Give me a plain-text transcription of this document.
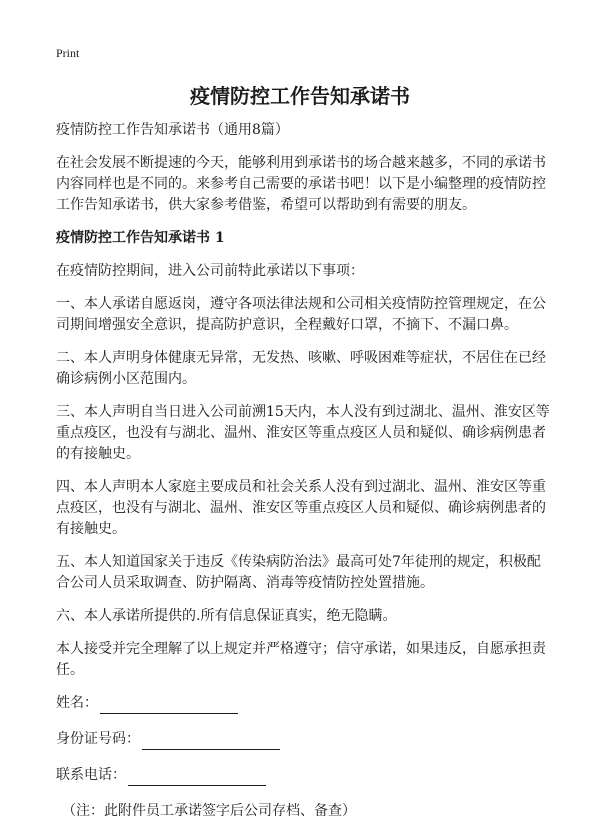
Print
疫情防控工作告知承诺书

疫情防控工作告知承诺书（通用8篇）

在社会发展不断提速的今天，能够利用到承诺书的场合越来越多，不同的承诺书内容同样也是不同的。来参考自己需要的承诺书吧！以下是小编整理的疫情防控工作告知承诺书，供大家参考借鉴，希望可以帮助到有需要的朋友。

疫情防控工作告知承诺书 1

在疫情防控期间，进入公司前特此承诺以下事项：

一、本人承诺自愿返岗，遵守各项法律法规和公司相关疫情防控管理规定，在公司期间增强安全意识，提高防护意识，全程戴好口罩，不摘下、不漏口鼻。

二、本人声明身体健康无异常，无发热、咳嗽、呼吸困难等症状，不居住在已经确诊病例小区范围内。

三、本人声明自当日进入公司前溯15天内，本人没有到过湖北、温州、淮安区等重点疫区，也没有与湖北、温州、淮安区等重点疫区人员和疑似、确诊病例患者的有接触史。

四、本人声明本人家庭主要成员和社会关系人没有到过湖北、温州、淮安区等重点疫区，也没有与湖北、温州、淮安区等重点疫区人员和疑似、确诊病例患者的有接触史。

五、本人知道国家关于违反《传染病防治法》最高可处7年徒刑的规定，积极配合公司人员采取调查、防护隔离、消毒等疫情防控处置措施。

六、本人承诺所提供的.所有信息保证真实，绝无隐瞒。

本人接受并完全理解了以上规定并严格遵守；信守承诺，如果违反，自愿承担责任。

姓名：
身份证号码：
联系电话：

（注：此附件员工承诺签字后公司存档、备查）
